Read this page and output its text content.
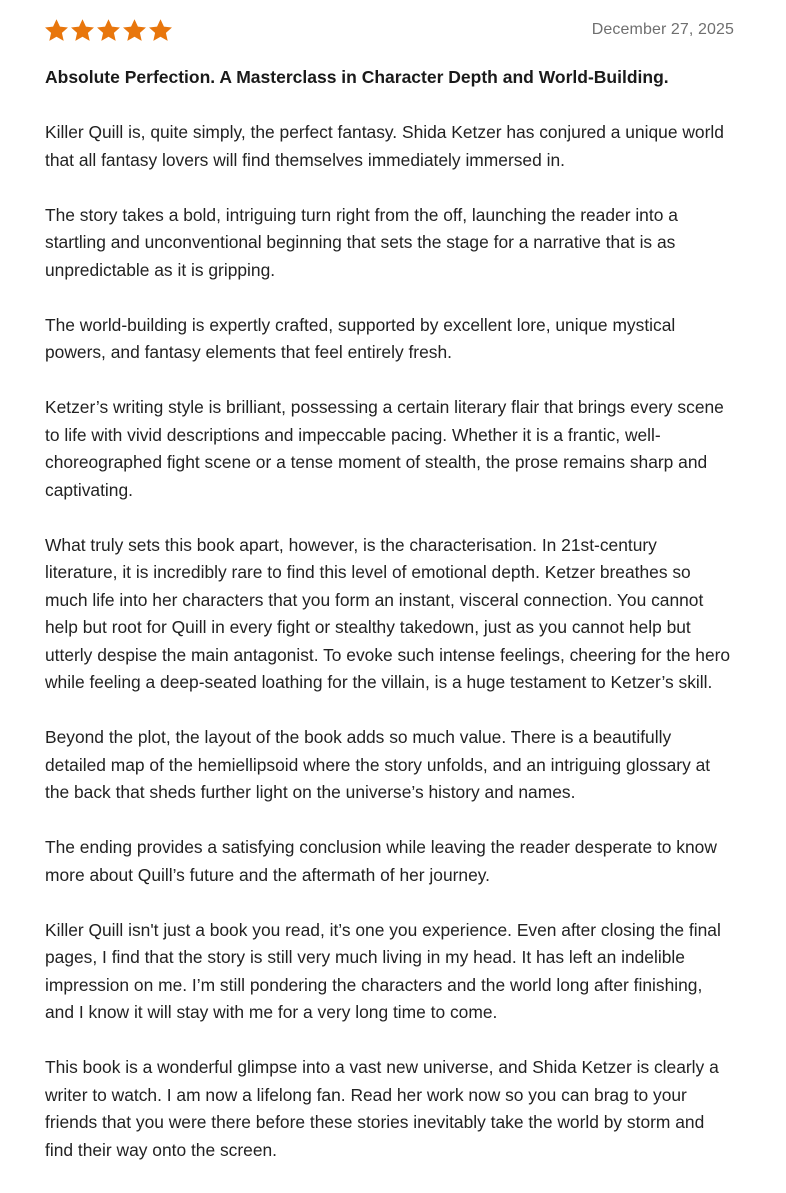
December 27, 2025
Absolute Perfection. A Masterclass in Character Depth and World-Building.

Killer Quill is, quite simply, the perfect fantasy. Shida Ketzer has conjured a unique world that all fantasy lovers will find themselves immediately immersed in.

The story takes a bold, intriguing turn right from the off, launching the reader into a startling and unconventional beginning that sets the stage for a narrative that is as unpredictable as it is gripping.

The world-building is expertly crafted, supported by excellent lore, unique mystical powers, and fantasy elements that feel entirely fresh.

Ketzer’s writing style is brilliant, possessing a certain literary flair that brings every scene to life with vivid descriptions and impeccable pacing. Whether it is a frantic, well-choreographed fight scene or a tense moment of stealth, the prose remains sharp and captivating.

What truly sets this book apart, however, is the characterisation. In 21st-century literature, it is incredibly rare to find this level of emotional depth. Ketzer breathes so much life into her characters that you form an instant, visceral connection. You cannot help but root for Quill in every fight or stealthy takedown, just as you cannot help but utterly despise the main antagonist. To evoke such intense feelings, cheering for the hero while feeling a deep-seated loathing for the villain, is a huge testament to Ketzer’s skill.

Beyond the plot, the layout of the book adds so much value. There is a beautifully detailed map of the hemiellipsoid where the story unfolds, and an intriguing glossary at the back that sheds further light on the universe’s history and names.

The ending provides a satisfying conclusion while leaving the reader desperate to know more about Quill’s future and the aftermath of her journey.

Killer Quill isn't just a book you read, it’s one you experience. Even after closing the final pages, I find that the story is still very much living in my head. It has left an indelible impression on me. I’m still pondering the characters and the world long after finishing, and I know it will stay with me for a very long time to come.

This book is a wonderful glimpse into a vast new universe, and Shida Ketzer is clearly a writer to watch. I am now a lifelong fan. Read her work now so you can brag to your friends that you were there before these stories inevitably take the world by storm and find their way onto the screen.
